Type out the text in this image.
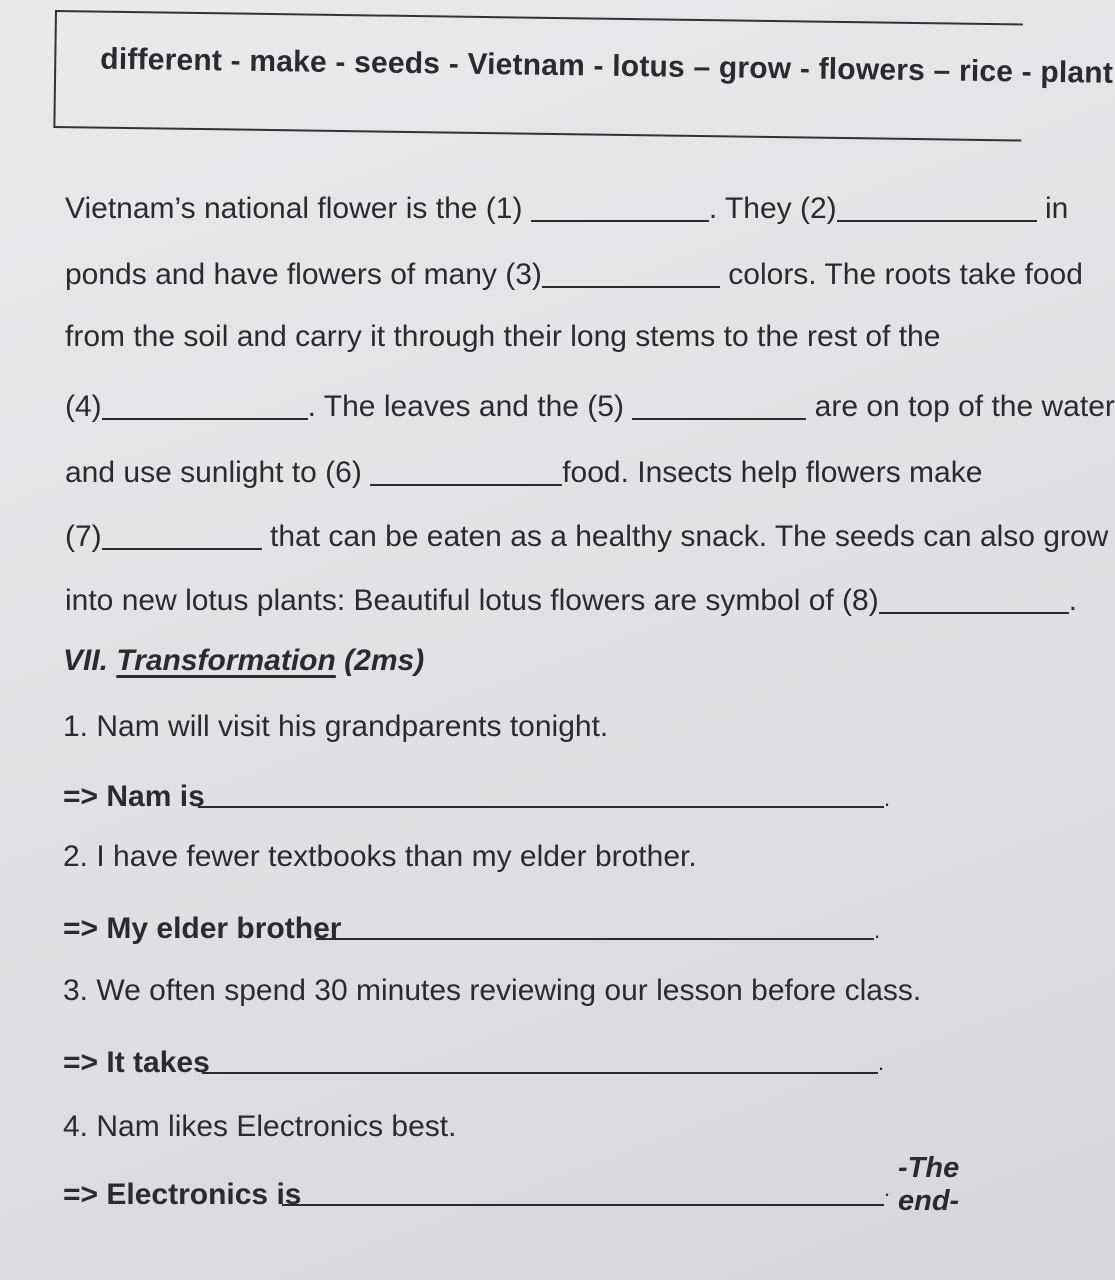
different - make - seeds - Vietnam - lotus – grow - flowers – rice - plant
Vietnam’s national flower is the (1)	. They (2)	in
ponds and have flowers of many (3)	colors. The roots take food
from the soil and carry it through their long stems to the rest of the
(4)	. The leaves and the (5)	are on top of the water
and use sunlight to (6)	food. Insects help flowers make
(7)	that can be eaten as a healthy snack. The seeds can also grow
into new lotus plants: Beautiful lotus flowers are symbol of (8)	.
VII. Transformation (2ms)
1. Nam will visit his grandparents tonight.
=> Nam is	.
2. I have fewer textbooks than my elder brother.
=> My elder brother	.
3. We often spend 30 minutes reviewing our lesson before class.
=> It takes	.
4. Nam likes Electronics best.
=> Electronics is	.
-The end-
